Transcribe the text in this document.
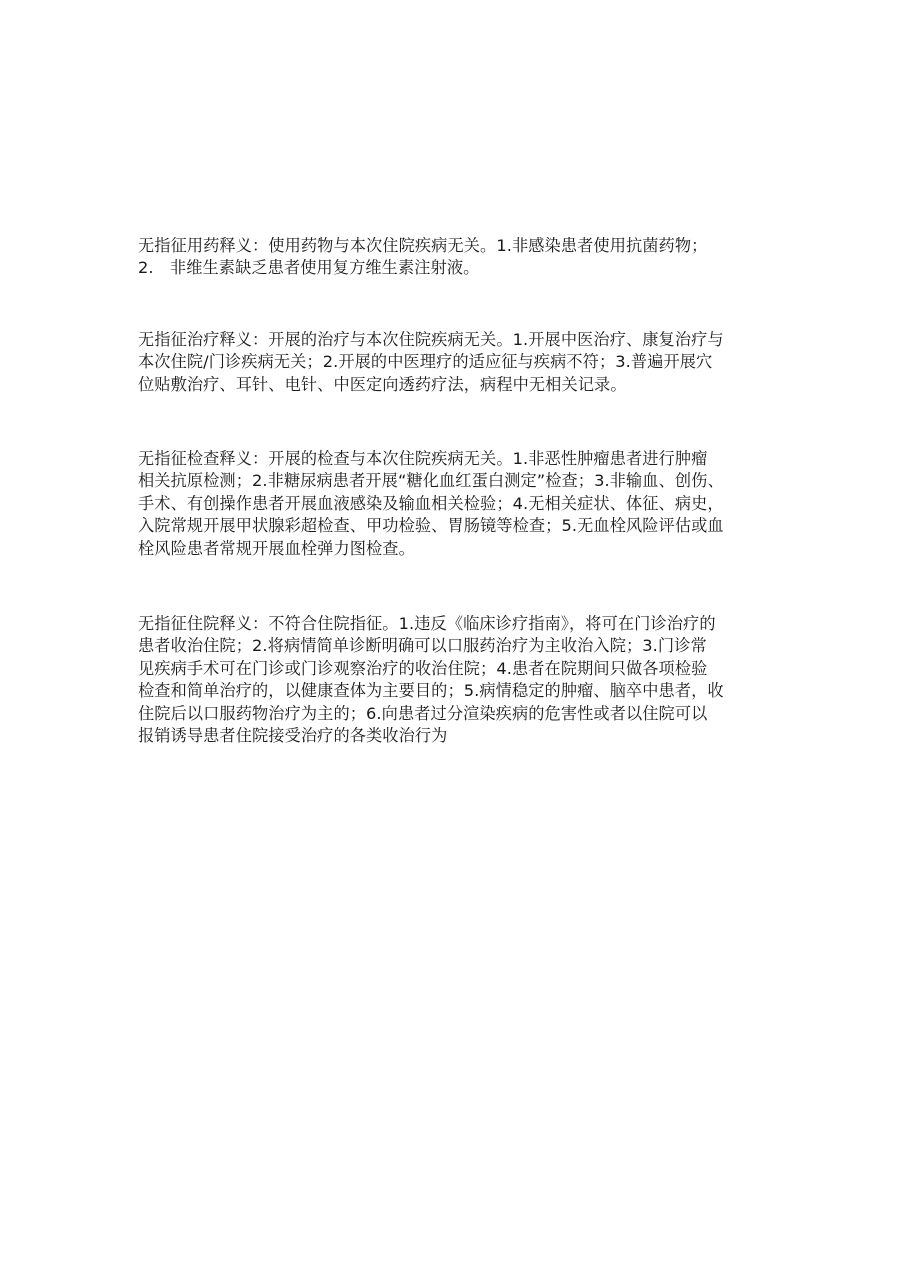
无指征用药释义：使用药物与本次住院疾病无关。1.非感染患者使用抗菌药物；
2.　非维生素缺乏患者使用复方维生素注射液。
无指征治疗释义：开展的治疗与本次住院疾病无关。1.开展中医治疗、康复治疗与
本次住院/门诊疾病无关；2.开展的中医理疗的适应征与疾病不符；3.普遍开展穴
位贴敷治疗、耳针、电针、中医定向透药疗法，病程中无相关记录。
无指征检查释义：开展的检查与本次住院疾病无关。1.非恶性肿瘤患者进行肿瘤
相关抗原检测；2.非糖尿病患者开展“糖化血红蛋白测定”检查；3.非输血、创伤、
手术、有创操作患者开展血液感染及输血相关检验；4.无相关症状、体征、病史，
入院常规开展甲状腺彩超检查、甲功检验、胃肠镜等检查；5.无血栓风险评估或血
栓风险患者常规开展血栓弹力图检查。
无指征住院释义：不符合住院指征。1.违反《临床诊疗指南》，将可在门诊治疗的
患者收治住院；2.将病情简单诊断明确可以口服药治疗为主收治入院；3.门诊常
见疾病手术可在门诊或门诊观察治疗的收治住院；4.患者在院期间只做各项检验
检查和简单治疗的，以健康查体为主要目的；5.病情稳定的肿瘤、脑卒中患者，收
住院后以口服药物治疗为主的；6.向患者过分渲染疾病的危害性或者以住院可以
报销诱导患者住院接受治疗的各类收治行为
